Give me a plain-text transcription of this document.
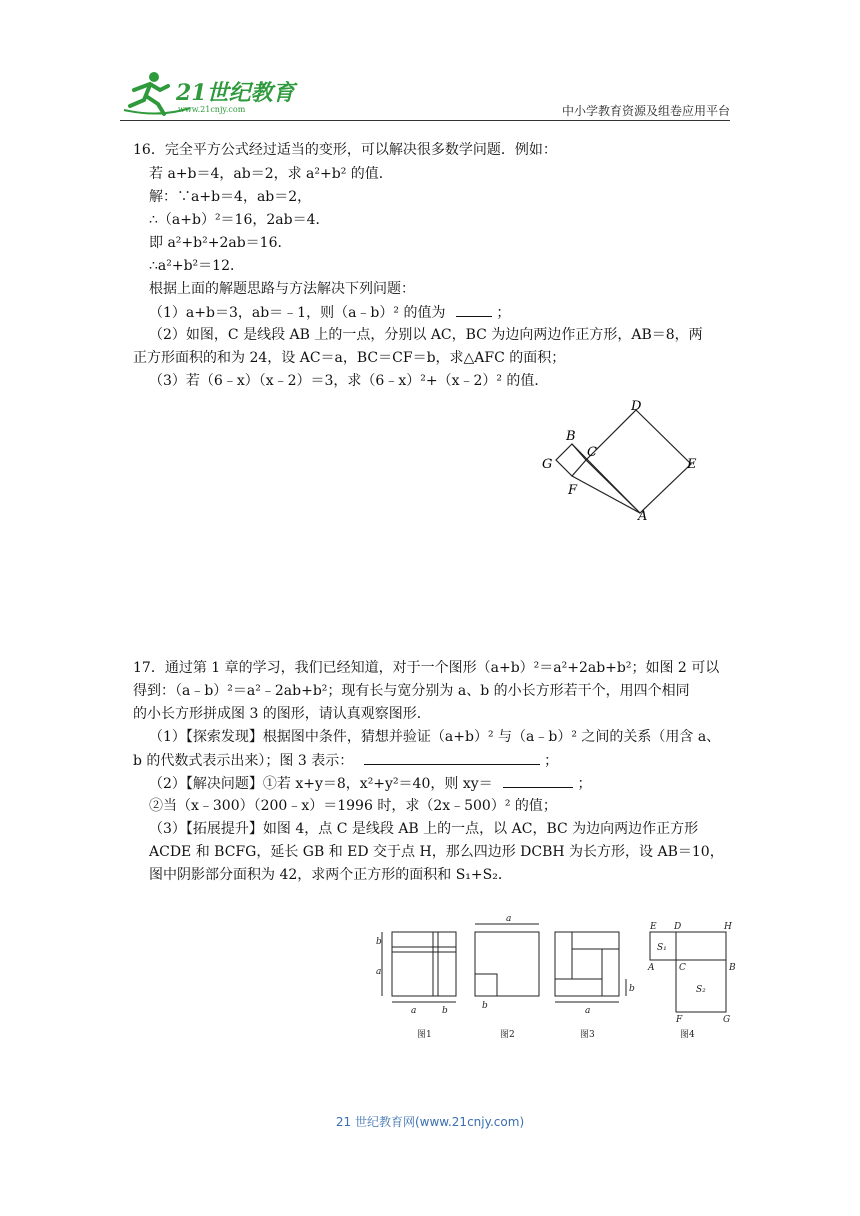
21世纪教育
www.21cnjy.com	中小学教育资源及组卷应用平台
16．完全平方公式经过适当的变形，可以解决很多数学问题．例如：
若 a+b＝4，ab＝2，求 a²+b² 的值．
解：∵a+b＝4，ab＝2，
∴（a+b）²＝16，2ab＝4．
即 a²+b²+2ab＝16．
∴a²+b²＝12．
根据上面的解题思路与方法解决下列问题：
（1）a+b＝3，ab＝﹣1，则（a﹣b）² 的值为	；
（2）如图，C 是线段 AB 上的一点，分别以 AC，BC 为边向两边作正方形，AB＝8，两
正方形面积的和为 24，设 AC＝a，BC＝CF＝b，求△AFC 的面积；
（3）若（6﹣x）（x﹣2）＝3，求（6﹣x）²+（x﹣2）² 的值．
D
B
C
G	E
F
A
17．通过第 1 章的学习，我们已经知道，对于一个图形（a+b）²＝a²+2ab+b²；如图 2 可以
得到：（a﹣b）²＝a²﹣2ab+b²；现有长与宽分别为 a、b 的小长方形若干个，用四个相同
的小长方形拼成图 3 的图形，请认真观察图形．
（1）【探索发现】根据图中条件，猜想并验证（a+b）² 与（a﹣b）² 之间的关系（用含 a、
b 的代数式表示出来）；图 3 表示：	；
（2）【解决问题】①若 x+y＝8，x²+y²＝40，则 xy＝	；
②当（x﹣300）（200﹣x）＝1996 时，求（2x﹣500）² 的值；
（3）【拓展提升】如图 4，点 C 是线段 AB 上的一点，以 AC，BC 为边向两边作正方形
ACDE 和 BCFG，延长 GB 和 ED 交于点 H，那么四边形 DCBH 为长方形，设 AB＝10，
图中阴影部分面积为 42，求两个正方形的面积和 S₁+S₂．
b
a
a	b
图1
a
b
图2
b
a
图3
E D	H
S₁
A	C	B
S₂
F	G
图4
21 世纪教育网(www.21cnjy.com)
